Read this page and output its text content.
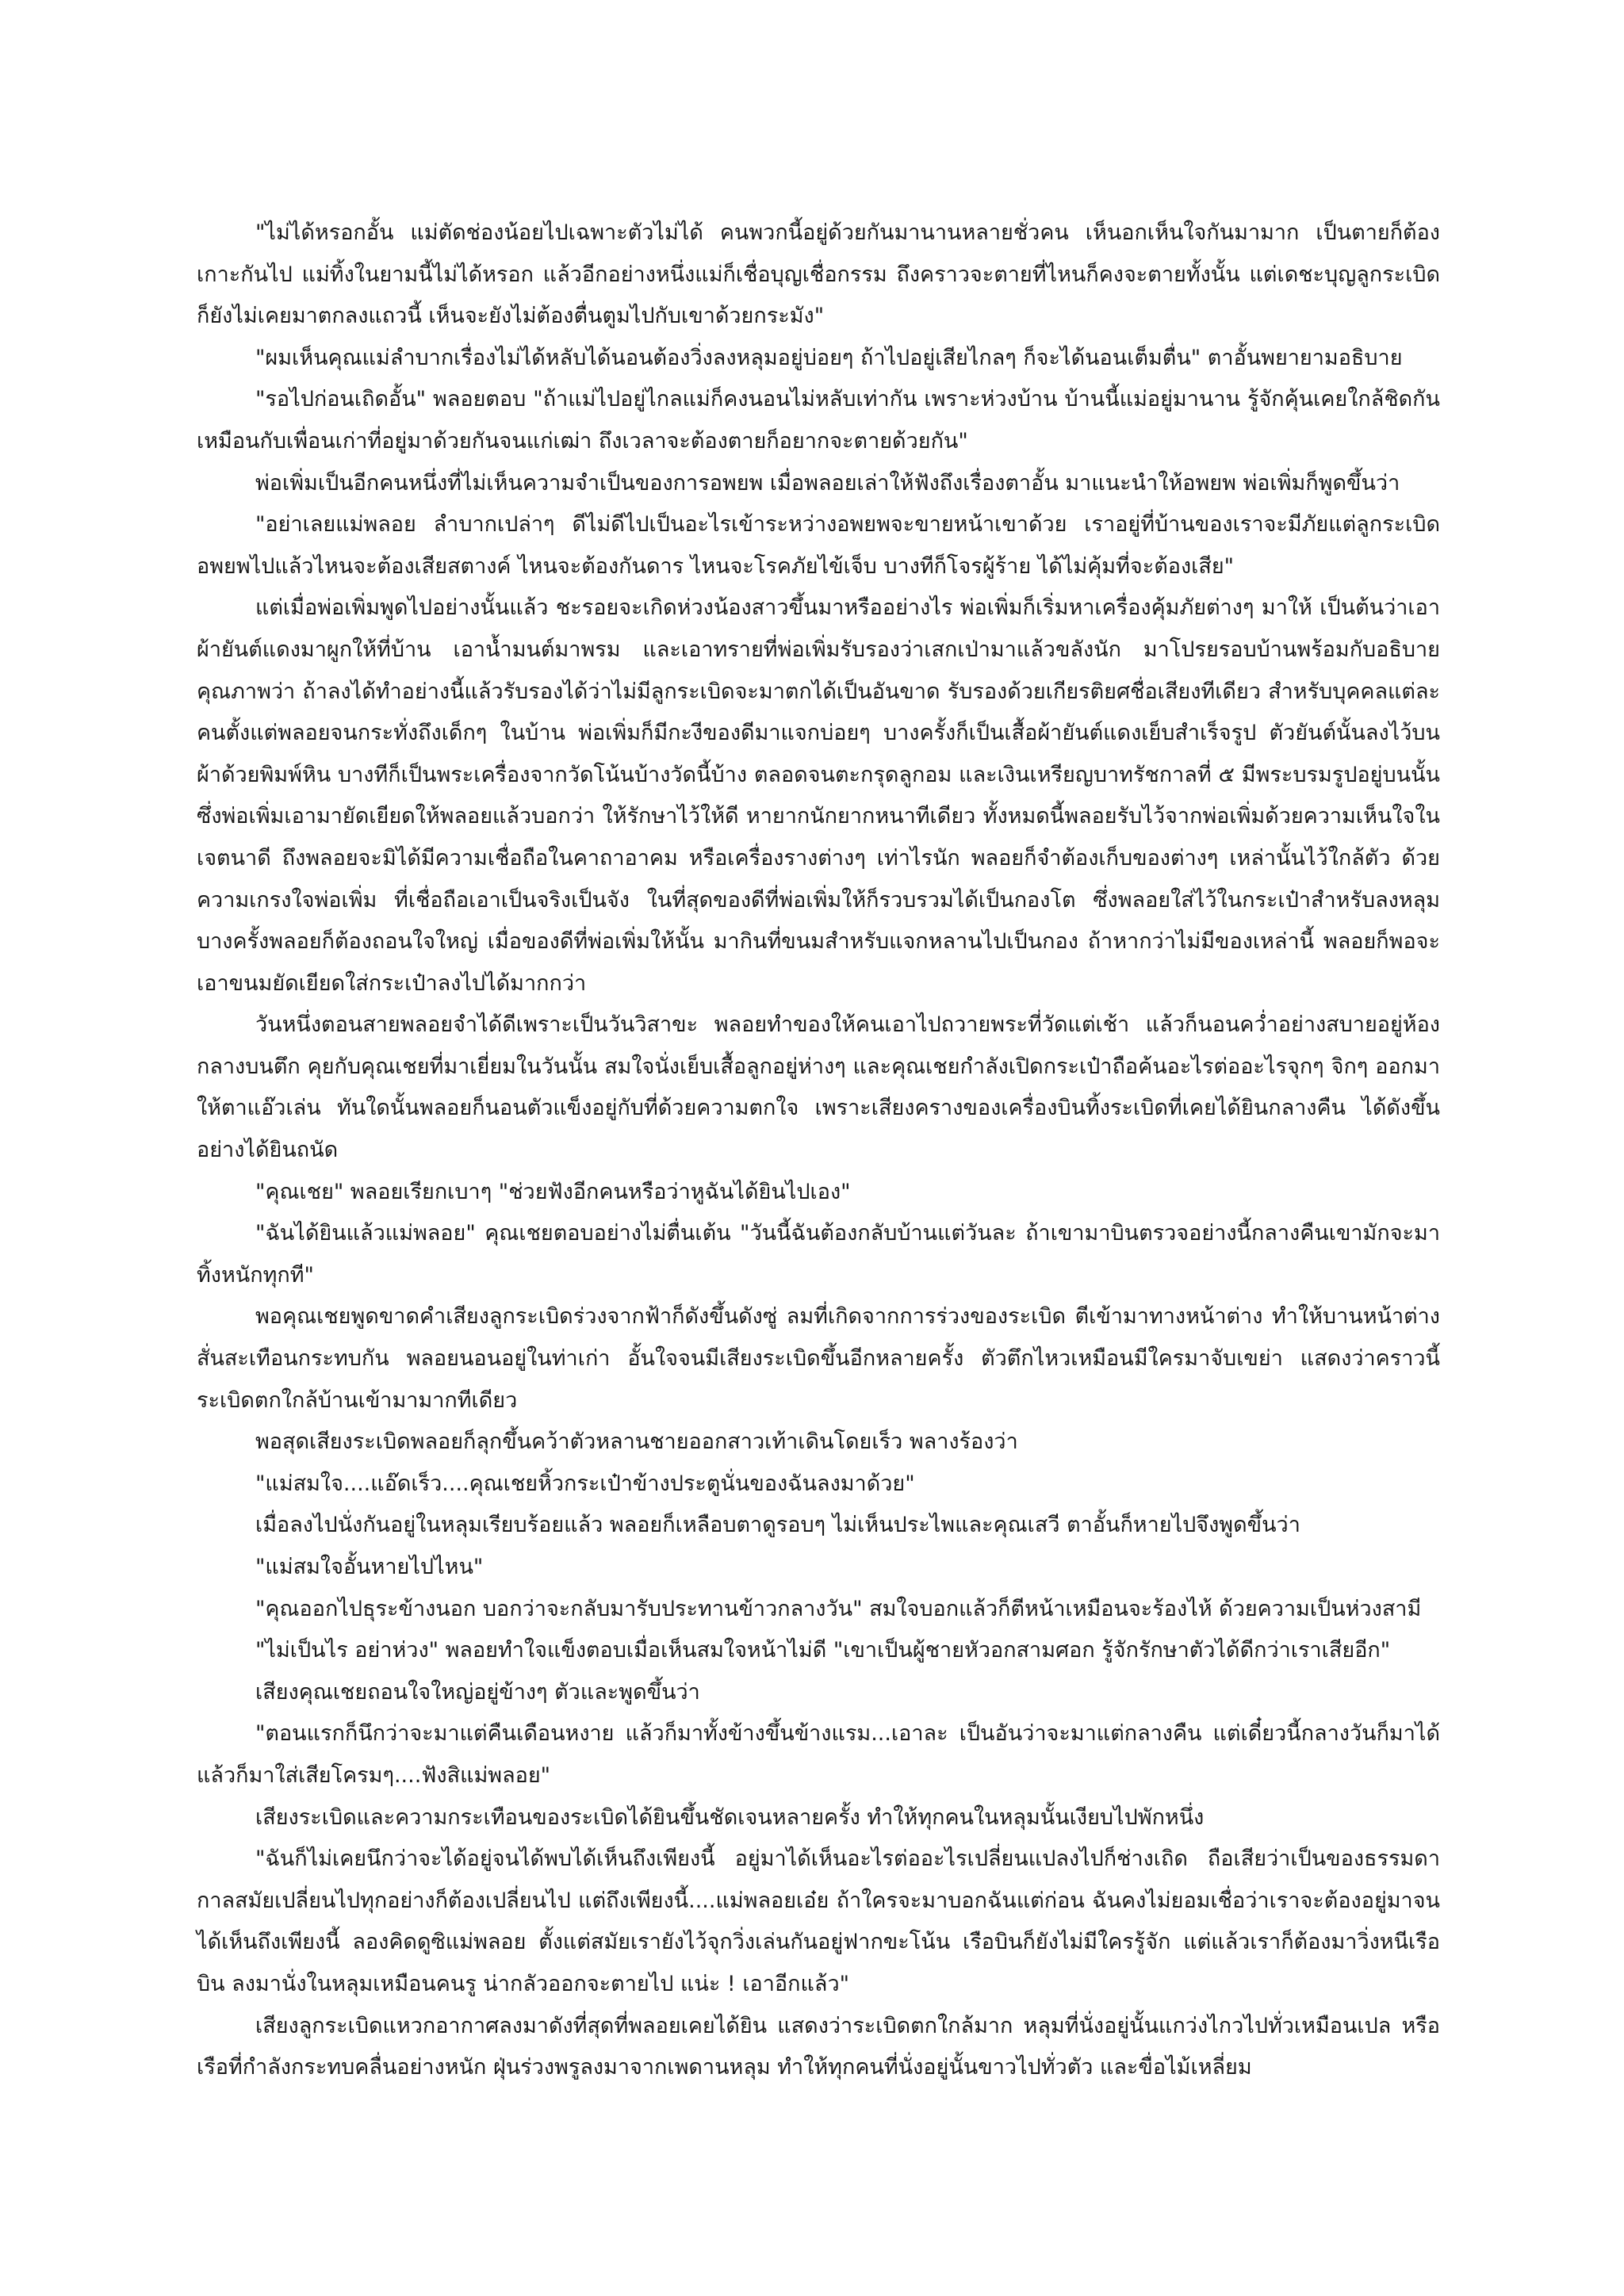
"ไม่ได้หรอกอั้น แม่ตัดช่องน้อยไปเฉพาะตัวไม่ได้ คนพวกนี้อยู่ด้วยกันมานานหลายชั่วคน เห็นอกเห็นใจกันมามาก เป็นตายก็ต้องเกาะกันไป แม่ทิ้งในยามนี้ไม่ได้หรอก แล้วอีกอย่างหนึ่งแม่ก็เชื่อบุญเชื่อกรรม ถึงคราวจะตายที่ไหนก็คงจะตายทั้งนั้น แต่เดชะบุญลูกระเบิดก็ยังไม่เคยมาตกลงแถวนี้ เห็นจะยังไม่ต้องตื่นตูมไปกับเขาด้วยกระมัง"

"ผมเห็นคุณแม่ลำบากเรื่องไม่ได้หลับได้นอนต้องวิ่งลงหลุมอยู่บ่อยๆ ถ้าไปอยู่เสียไกลๆ ก็จะได้นอนเต็มตื่น" ตาอั้นพยายามอธิบาย

"รอไปก่อนเถิดอั้น" พลอยตอบ "ถ้าแม่ไปอยู่ไกลแม่ก็คงนอนไม่หลับเท่ากัน เพราะห่วงบ้าน บ้านนี้แม่อยู่มานาน รู้จักคุ้นเคยใกล้ชิดกันเหมือนกับเพื่อนเก่าที่อยู่มาด้วยกันจนแก่เฒ่า ถึงเวลาจะต้องตายก็อยากจะตายด้วยกัน"

พ่อเพิ่มเป็นอีกคนหนึ่งที่ไม่เห็นความจำเป็นของการอพยพ เมื่อพลอยเล่าให้ฟังถึงเรื่องตาอั้น มาแนะนำให้อพยพ พ่อเพิ่มก็พูดขึ้นว่า

"อย่าเลยแม่พลอย ลำบากเปล่าๆ ดีไม่ดีไปเป็นอะไรเข้าระหว่างอพยพจะขายหน้าเขาด้วย เราอยู่ที่บ้านของเราจะมีภัยแต่ลูกระเบิด อพยพไปแล้วไหนจะต้องเสียสตางค์ ไหนจะต้องกันดาร ไหนจะโรคภัยไข้เจ็บ บางทีก็โจรผู้ร้าย ได้ไม่คุ้มที่จะต้องเสีย"

แต่เมื่อพ่อเพิ่มพูดไปอย่างนั้นแล้ว ชะรอยจะเกิดห่วงน้องสาวขึ้นมาหรืออย่างไร พ่อเพิ่มก็เริ่มหาเครื่องคุ้มภัยต่างๆ มาให้ เป็นต้นว่าเอาผ้ายันต์แดงมาผูกให้ที่บ้าน เอาน้ำมนต์มาพรม และเอาทรายที่พ่อเพิ่มรับรองว่าเสกเป่ามาแล้วขลังนัก มาโปรยรอบบ้านพร้อมกับอธิบายคุณภาพว่า ถ้าลงได้ทำอย่างนี้แล้วรับรองได้ว่าไม่มีลูกระเบิดจะมาตกได้เป็นอันขาด รับรองด้วยเกียรติยศชื่อเสียงทีเดียว สำหรับบุคคลแต่ละคนตั้งแต่พลอยจนกระทั่งถึงเด็กๆ ในบ้าน พ่อเพิ่มก็มีกะงีของดีมาแจกบ่อยๆ บางครั้งก็เป็นเสื้อผ้ายันต์แดงเย็บสำเร็จรูป ตัวยันต์นั้นลงไว้บนผ้าด้วยพิมพ์หิน บางทีก็เป็นพระเครื่องจากวัดโน้นบ้างวัดนี้บ้าง ตลอดจนตะกรุดลูกอม และเงินเหรียญบาทรัชกาลที่ ๕ มีพระบรมรูปอยู่บนนั้น ซึ่งพ่อเพิ่มเอามายัดเยียดให้พลอยแล้วบอกว่า ให้รักษาไว้ให้ดี หายากนักยากหนาทีเดียว ทั้งหมดนี้พลอยรับไว้จากพ่อเพิ่มด้วยความเห็นใจในเจตนาดี ถึงพลอยจะมิได้มีความเชื่อถือในคาถาอาคม หรือเครื่องรางต่างๆ เท่าไรนัก พลอยก็จำต้องเก็บของต่างๆ เหล่านั้นไว้ใกล้ตัว ด้วยความเกรงใจพ่อเพิ่ม ที่เชื่อถือเอาเป็นจริงเป็นจัง ในที่สุดของดีที่พ่อเพิ่มให้ก็รวบรวมได้เป็นกองโต ซึ่งพลอยใส่ไว้ในกระเป๋าสำหรับลงหลุม บางครั้งพลอยก็ต้องถอนใจใหญ่ เมื่อของดีที่พ่อเพิ่มให้นั้น มากินที่ขนมสำหรับแจกหลานไปเป็นกอง ถ้าหากว่าไม่มีของเหล่านี้ พลอยก็พอจะเอาขนมยัดเยียดใส่กระเป๋าลงไปได้มากกว่า

วันหนึ่งตอนสายพลอยจำได้ดีเพราะเป็นวันวิสาขะ พลอยทำของให้คนเอาไปถวายพระที่วัดแต่เช้า แล้วก็นอนคว่ำอย่างสบายอยู่ห้องกลางบนตึก คุยกับคุณเชยที่มาเยี่ยมในวันนั้น สมใจนั่งเย็บเสื้อลูกอยู่ห่างๆ และคุณเชยกำลังเปิดกระเป๋าถือค้นอะไรต่ออะไรจุกๆ จิกๆ ออกมาให้ตาแอ๊วเล่น ทันใดนั้นพลอยก็นอนตัวแข็งอยู่กับที่ด้วยความตกใจ เพราะเสียงครางของเครื่องบินทิ้งระเบิดที่เคยได้ยินกลางคืน ได้ดังขึ้นอย่างได้ยินถนัด

"คุณเชย" พลอยเรียกเบาๆ "ช่วยฟังอีกคนหรือว่าหูฉันได้ยินไปเอง"

"ฉันได้ยินแล้วแม่พลอย" คุณเชยตอบอย่างไม่ตื่นเต้น "วันนี้ฉันต้องกลับบ้านแต่วันละ ถ้าเขามาบินตรวจอย่างนี้กลางคืนเขามักจะมาทิ้งหนักทุกที"

พอคุณเชยพูดขาดคำเสียงลูกระเบิดร่วงจากฟ้าก็ดังขึ้นดังซู่ ลมที่เกิดจากการร่วงของระเบิด ตีเข้ามาทางหน้าต่าง ทำให้บานหน้าต่างสั่นสะเทือนกระทบกัน พลอยนอนอยู่ในท่าเก่า อั้นใจจนมีเสียงระเบิดขึ้นอีกหลายครั้ง ตัวตึกไหวเหมือนมีใครมาจับเขย่า แสดงว่าคราวนี้ระเบิดตกใกล้บ้านเข้ามามากทีเดียว

พอสุดเสียงระเบิดพลอยก็ลุกขึ้นคว้าตัวหลานชายออกสาวเท้าเดินโดยเร็ว พลางร้องว่า

"แม่สมใจ....แอ๊ดเร็ว....คุณเชยหิ้วกระเป๋าข้างประตูนั่นของฉันลงมาด้วย"

เมื่อลงไปนั่งกันอยู่ในหลุมเรียบร้อยแล้ว พลอยก็เหลือบตาดูรอบๆ ไม่เห็นประไพและคุณเสวี ตาอั้นก็หายไปจึงพูดขึ้นว่า

"แม่สมใจอั้นหายไปไหน"

"คุณออกไปธุระข้างนอก บอกว่าจะกลับมารับประทานข้าวกลางวัน" สมใจบอกแล้วก็ตีหน้าเหมือนจะร้องไห้ ด้วยความเป็นห่วงสามี

"ไม่เป็นไร อย่าห่วง" พลอยทำใจแข็งตอบเมื่อเห็นสมใจหน้าไม่ดี "เขาเป็นผู้ชายหัวอกสามศอก รู้จักรักษาตัวได้ดีกว่าเราเสียอีก"

เสียงคุณเชยถอนใจใหญ่อยู่ข้างๆ ตัวและพูดขึ้นว่า

"ตอนแรกก็นึกว่าจะมาแต่คืนเดือนหงาย แล้วก็มาทั้งข้างขึ้นข้างแรม...เอาละ เป็นอันว่าจะมาแต่กลางคืน แต่เดี๋ยวนี้กลางวันก็มาได้ แล้วก็มาใส่เสียโครมๆ....ฟังสิแม่พลอย"

เสียงระเบิดและความกระเทือนของระเบิดได้ยินขึ้นชัดเจนหลายครั้ง ทำให้ทุกคนในหลุมนั้นเงียบไปพักหนึ่ง

"ฉันก็ไม่เคยนึกว่าจะได้อยู่จนได้พบได้เห็นถึงเพียงนี้ อยู่มาได้เห็นอะไรต่ออะไรเปลี่ยนแปลงไปก็ช่างเถิด ถือเสียว่าเป็นของธรรมดา กาลสมัยเปลี่ยนไปทุกอย่างก็ต้องเปลี่ยนไป แต่ถึงเพียงนี้....แม่พลอยเอ๋ย ถ้าใครจะมาบอกฉันแต่ก่อน ฉันคงไม่ยอมเชื่อว่าเราจะต้องอยู่มาจนได้เห็นถึงเพียงนี้ ลองคิดดูซิแม่พลอย ตั้งแต่สมัยเรายังไว้จุกวิ่งเล่นกันอยู่ฟากขะโน้น เรือบินก็ยังไม่มีใครรู้จัก แต่แล้วเราก็ต้องมาวิ่งหนีเรือบิน ลงมานั่งในหลุมเหมือนคนรู น่ากลัวออกจะตายไป แน่ะ ! เอาอีกแล้ว"

เสียงลูกระเบิดแหวกอากาศลงมาดังที่สุดที่พลอยเคยได้ยิน แสดงว่าระเบิดตกใกล้มาก หลุมที่นั่งอยู่นั้นแกว่งไกวไปทั่วเหมือนเปล หรือเรือที่กำลังกระทบคลื่นอย่างหนัก ฝุ่นร่วงพรูลงมาจากเพดานหลุม ทำให้ทุกคนที่นั่งอยู่นั้นขาวไปทั่วตัว และขื่อไม้เหลี่ยม
